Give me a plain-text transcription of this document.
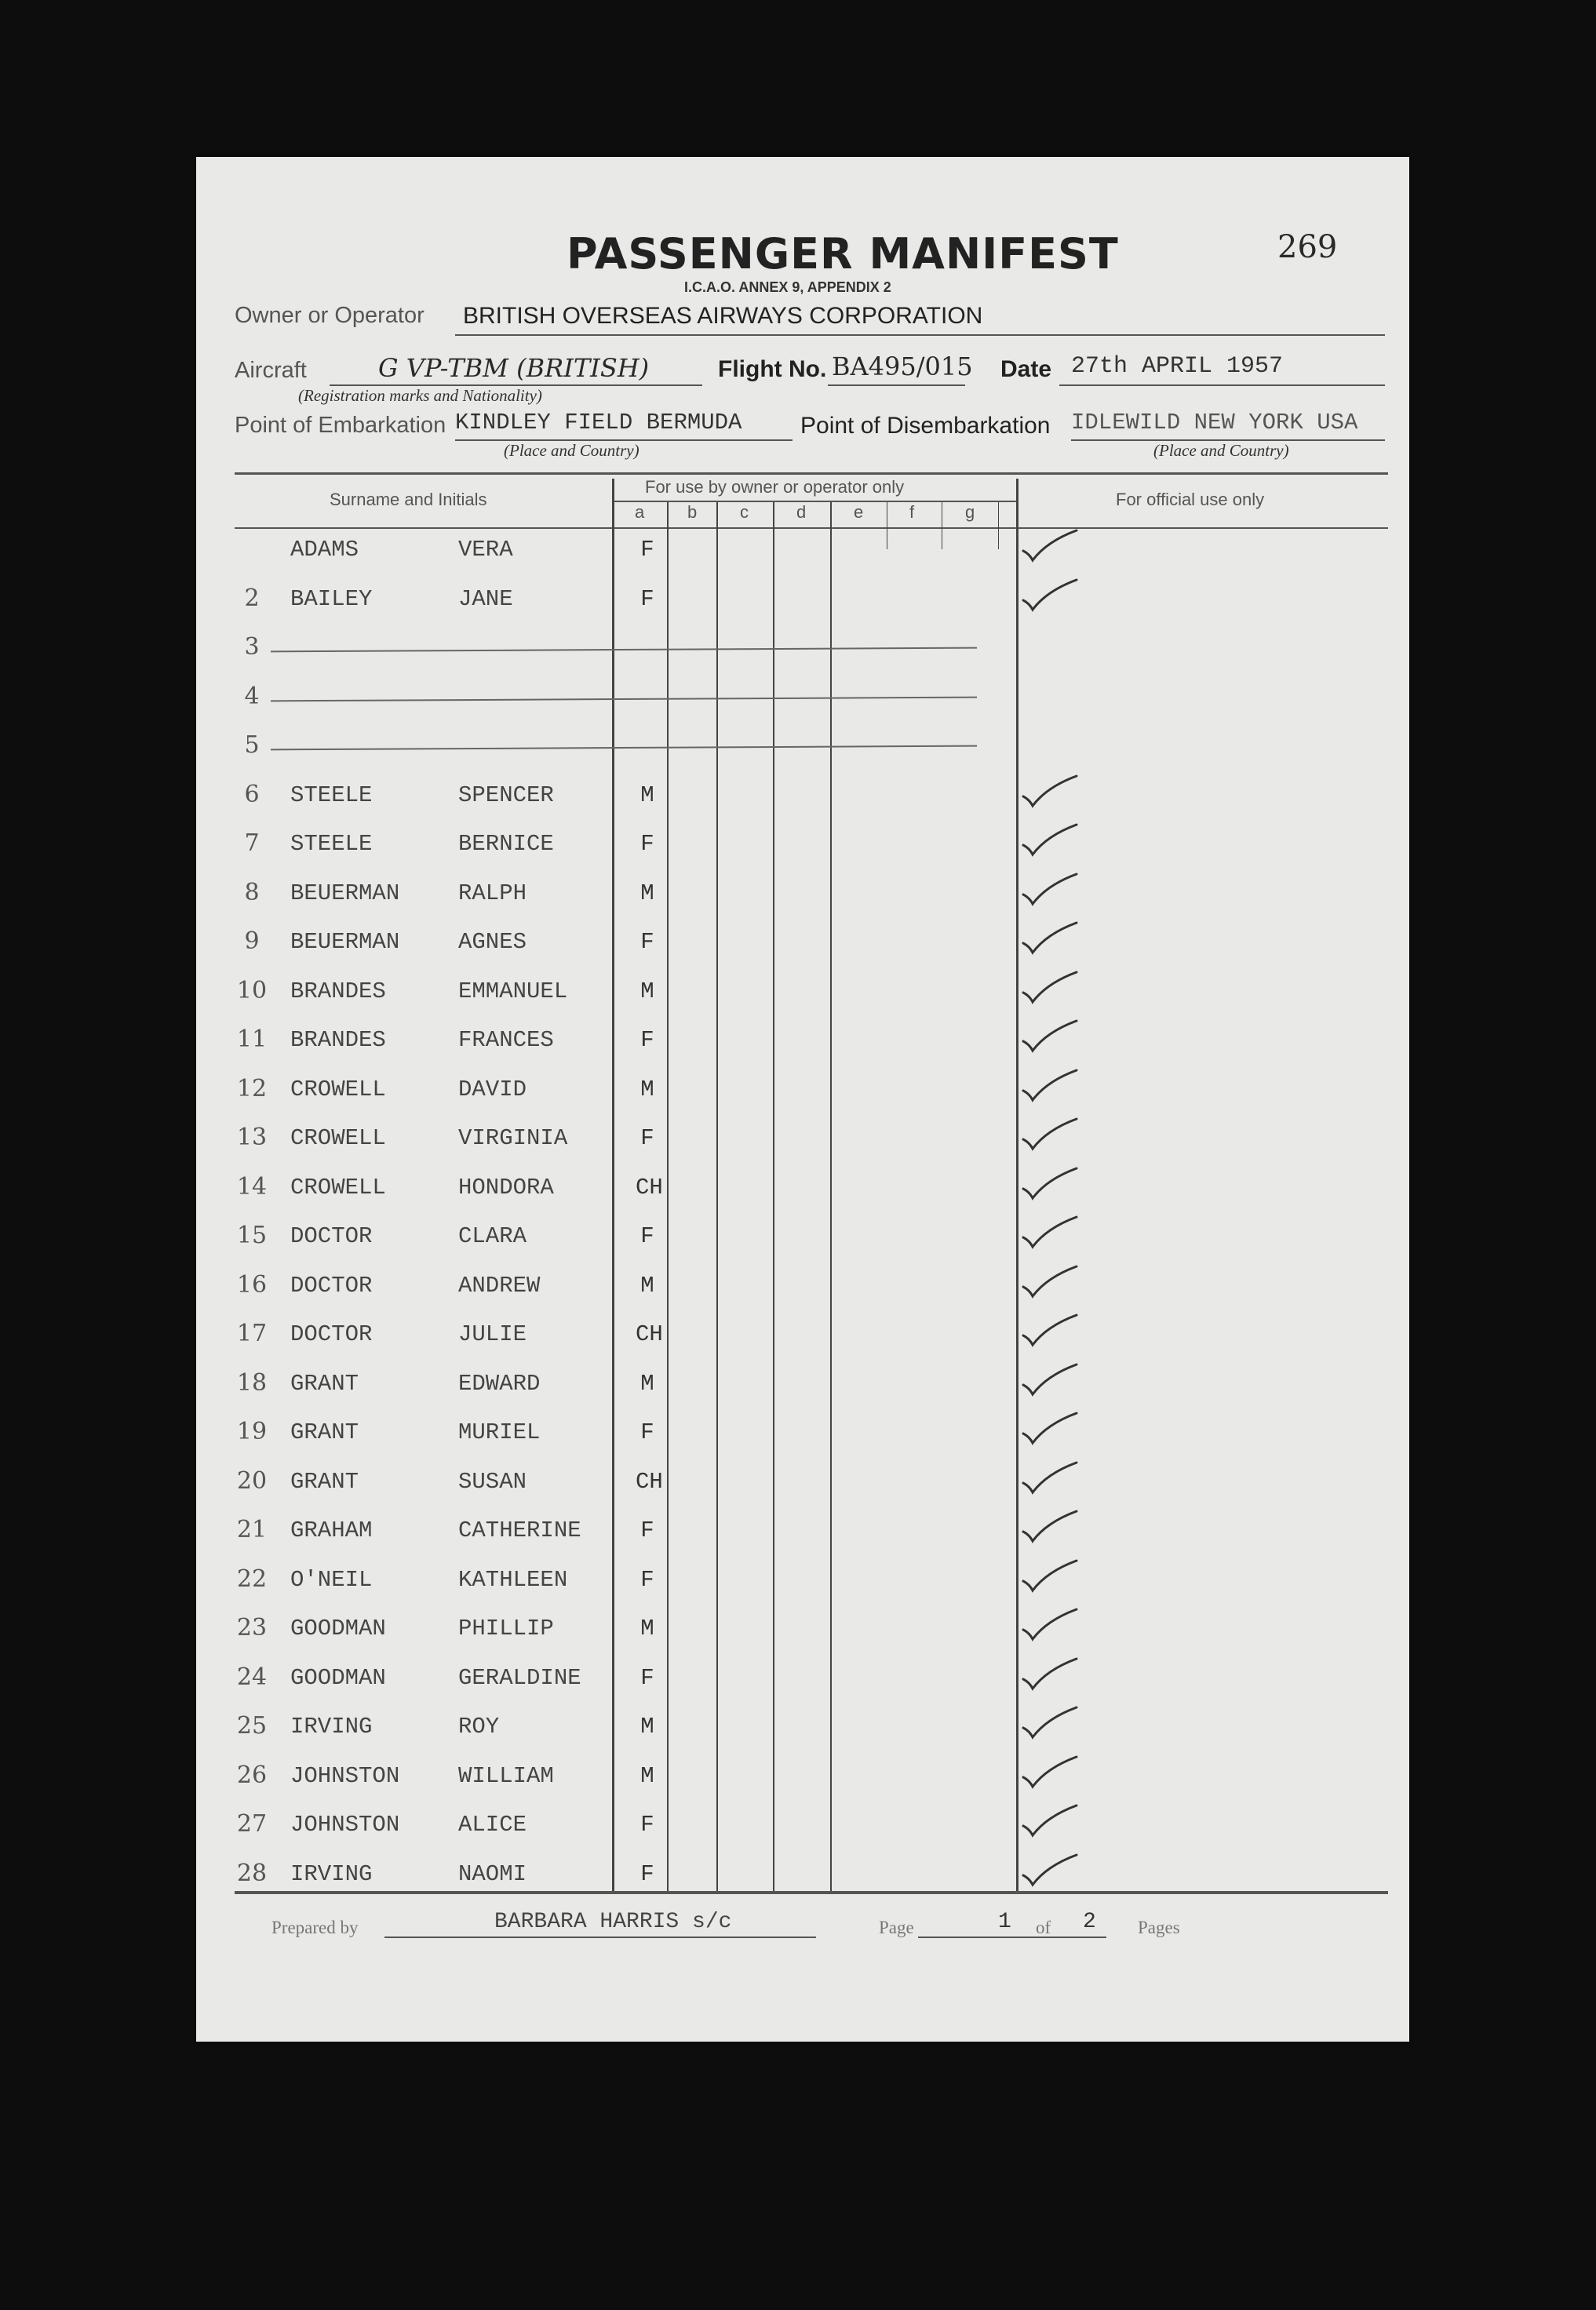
269
PASSENGER MANIFEST
I.C.A.O. ANNEX 9, APPENDIX 2
Owner or Operator BRITISH OVERSEAS AIRWAYS CORPORATION
Aircraft	G VP-TBM (BRITISH)
(Registration marks and Nationality)
Flight No. BA495/015 Date 27th APRIL 1957
Point of Embarkation KINDLEY FIELD BERMUDA
(Place and Country)
Point of Disembarkation IDLEWILD NEW YORK USA
(Place and Country)
Surname and Initials
For use by owner or operator only
For official use only
a b c	d	e	f	g
ADAMS	VERA	F
2	BAILEY	JANE	F
3
4
5
6	STEELE	SPENCER	M
7	STEELE	BERNICE	F
8	BEUERMAN	RALPH	M
9	BEUERMAN	AGNES	F
10 BRANDES	EMMANUEL	M
11 BRANDES	FRANCES	F
12 CROWELL	DAVID	M
13 CROWELL	VIRGINIA	F
14 CROWELL	HONDORA	CH
15 DOCTOR	CLARA	F
16 DOCTOR	ANDREW	M
17 DOCTOR	JULIE	CH
18 GRANT	EDWARD	M
19 GRANT	MURIEL	F
20 GRANT	SUSAN	CH
21 GRAHAM	CATHERINE	F
22 O'NEIL	KATHLEEN	F
23 GOODMAN	PHILLIP	M
24 GOODMAN	GERALDINE	F
25 IRVING	ROY	M
26 JOHNSTON	WILLIAM	M
27 JOHNSTON	ALICE	F
28 IRVING	NAOMI	F
Prepared by	BARBARA HARRIS s/c	Page	1 of 2 Pages
